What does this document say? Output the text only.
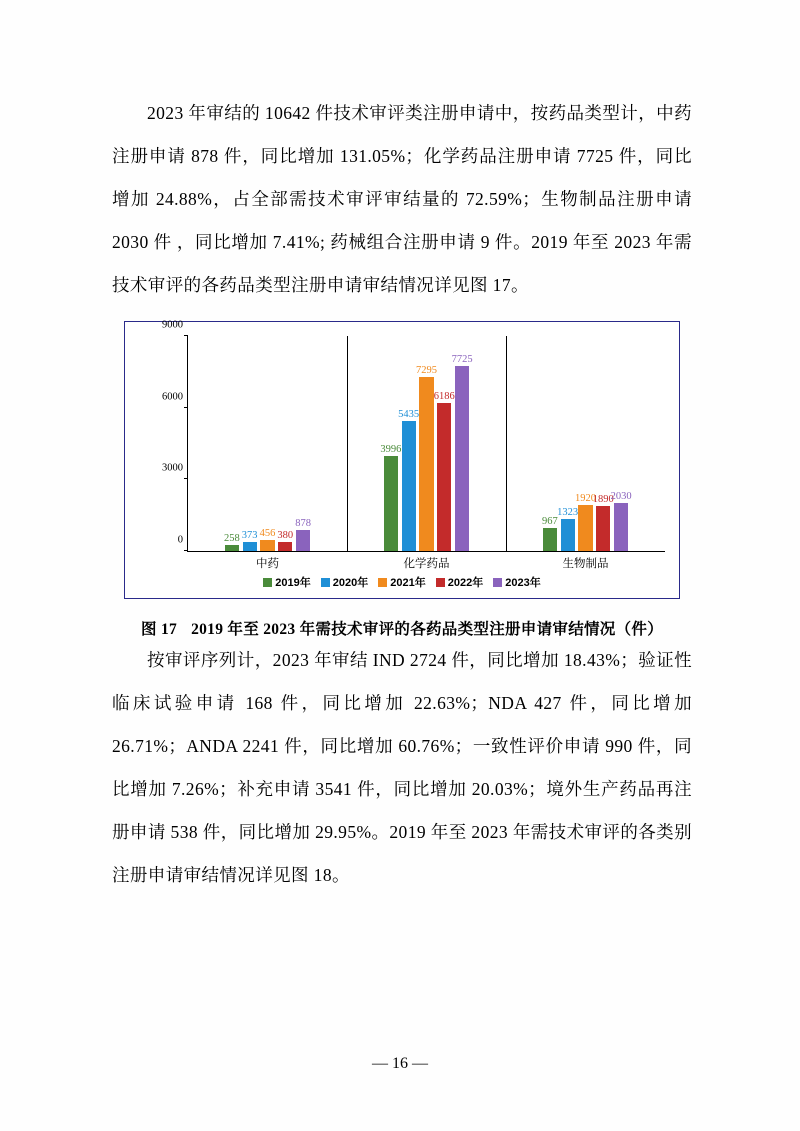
2023 年审结的 10642 件技术审评类注册申请中，按药品类型计，中药注册申请 878 件，同比增加 131.05%；化学药品注册申请 7725 件，同比增加 24.88%，占全部需技术审评审结量的 72.59%；生物制品注册申请 2030 件 ，同比增加 7.41%; 药械组合注册申请 9 件。2019 年至 2023 年需技术审评的各药品类型注册申请审结情况详见图 17。

0
3000
6000
9000
258 373 456 380
878
中药
3996
5435
7295
6186
7725
化学药品
967
1323
1920
1890
2030
生物制品
2019年 2020年 2021年 2022年 2023年
图 17 2019 年至 2023 年需技术审评的各药品类型注册申请审结情况（件）

按审评序列计，2023 年审结 IND 2724 件，同比增加 18.43%；验证性临床试验申请 168 件，同比增加 22.63%；NDA 427 件，同比增加 26.71%；ANDA 2241 件，同比增加 60.76%；一致性评价申请 990 件，同比增加 7.26%；补充申请 3541 件，同比增加 20.03%；境外生产药品再注册申请 538 件，同比增加 29.95%。2019 年至 2023 年需技术审评的各类别注册申请审结情况详见图 18。

— 16 —
